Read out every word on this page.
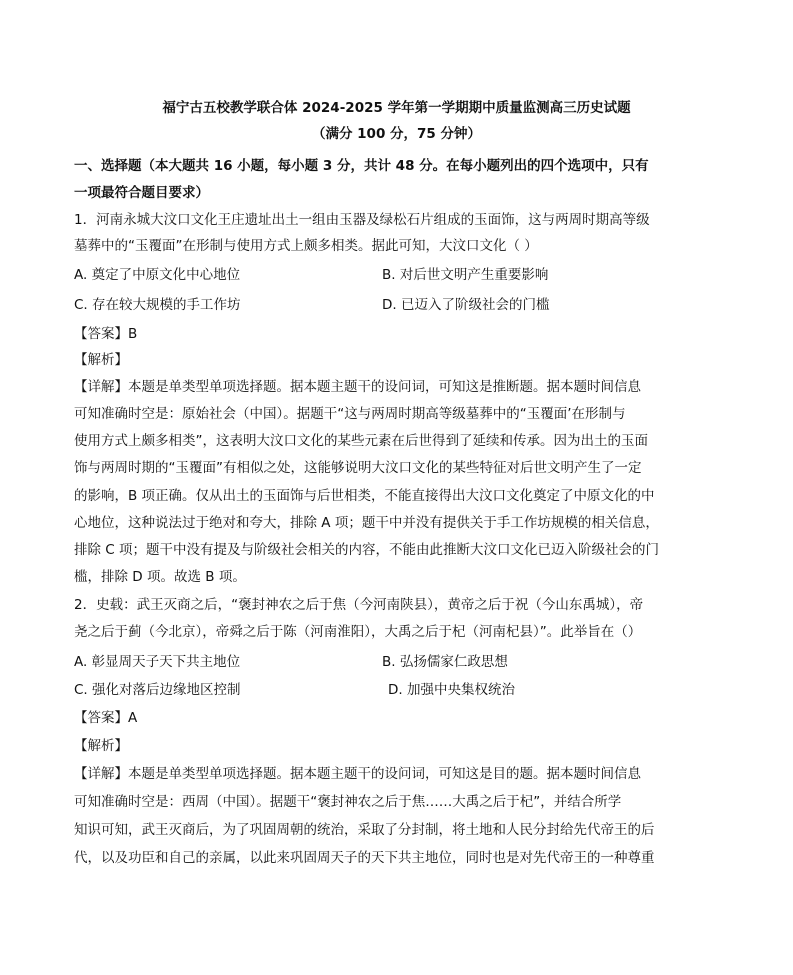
福宁古五校教学联合体 2024-2025 学年第一学期期中质量监测高三历史试题
（满分 100 分，75 分钟）
一、选择题（本大题共 16 小题，每小题 3 分，共计 48 分。在每小题列出的四个选项中，只有
一项最符合题目要求）
1．河南永城大汶口文化王庄遗址出土一组由玉器及绿松石片组成的玉面饰，这与两周时期高等级
墓葬中的“玉覆面”在形制与使用方式上颇多相类。据此可知，大汶口文化（ ）
A. 奠定了中原文化中心地位	B. 对后世文明产生重要影响
C. 存在较大规模的手工作坊	D. 已迈入了阶级社会的门槛
【答案】B
【解析】
【详解】本题是单类型单项选择题。据本题主题干的设问词，可知这是推断题。据本题时间信息
可知准确时空是：原始社会（中国）。据题干“这与两周时期高等级墓葬中的“玉覆面’在形制与
使用方式上颇多相类”，这表明大汶口文化的某些元素在后世得到了延续和传承。因为出土的玉面
饰与两周时期的“玉覆面”有相似之处，这能够说明大汶口文化的某些特征对后世文明产生了一定
的影响，B 项正确。仅从出土的玉面饰与后世相类，不能直接得出大汶口文化奠定了中原文化的中
心地位，这种说法过于绝对和夸大，排除 A 项；题干中并没有提供关于手工作坊规模的相关信息，
排除 C 项；题干中没有提及与阶级社会相关的内容，不能由此推断大汶口文化已迈入阶级社会的门
槛，排除 D 项。故选 B 项。
2．史载：武王灭商之后，“褒封神农之后于焦（今河南陕县），黄帝之后于祝（今山东禹城），帝
尧之后于蓟（今北京），帝舜之后于陈（河南淮阳），大禹之后于杞（河南杞县）”。此举旨在（）
A. 彰显周天子天下共主地位	B. 弘扬儒家仁政思想
C. 强化对落后边缘地区控制	D. 加强中央集权统治
【答案】A
【解析】
【详解】本题是单类型单项选择题。据本题主题干的设问词，可知这是目的题。据本题时间信息
可知准确时空是：西周（中国）。据题干“褒封神农之后于焦……大禹之后于杞”，并结合所学
知识可知，武王灭商后，为了巩固周朝的统治，采取了分封制，将土地和人民分封给先代帝王的后
代，以及功臣和自己的亲属，以此来巩固周天子的天下共主地位，同时也是对先代帝王的一种尊重
